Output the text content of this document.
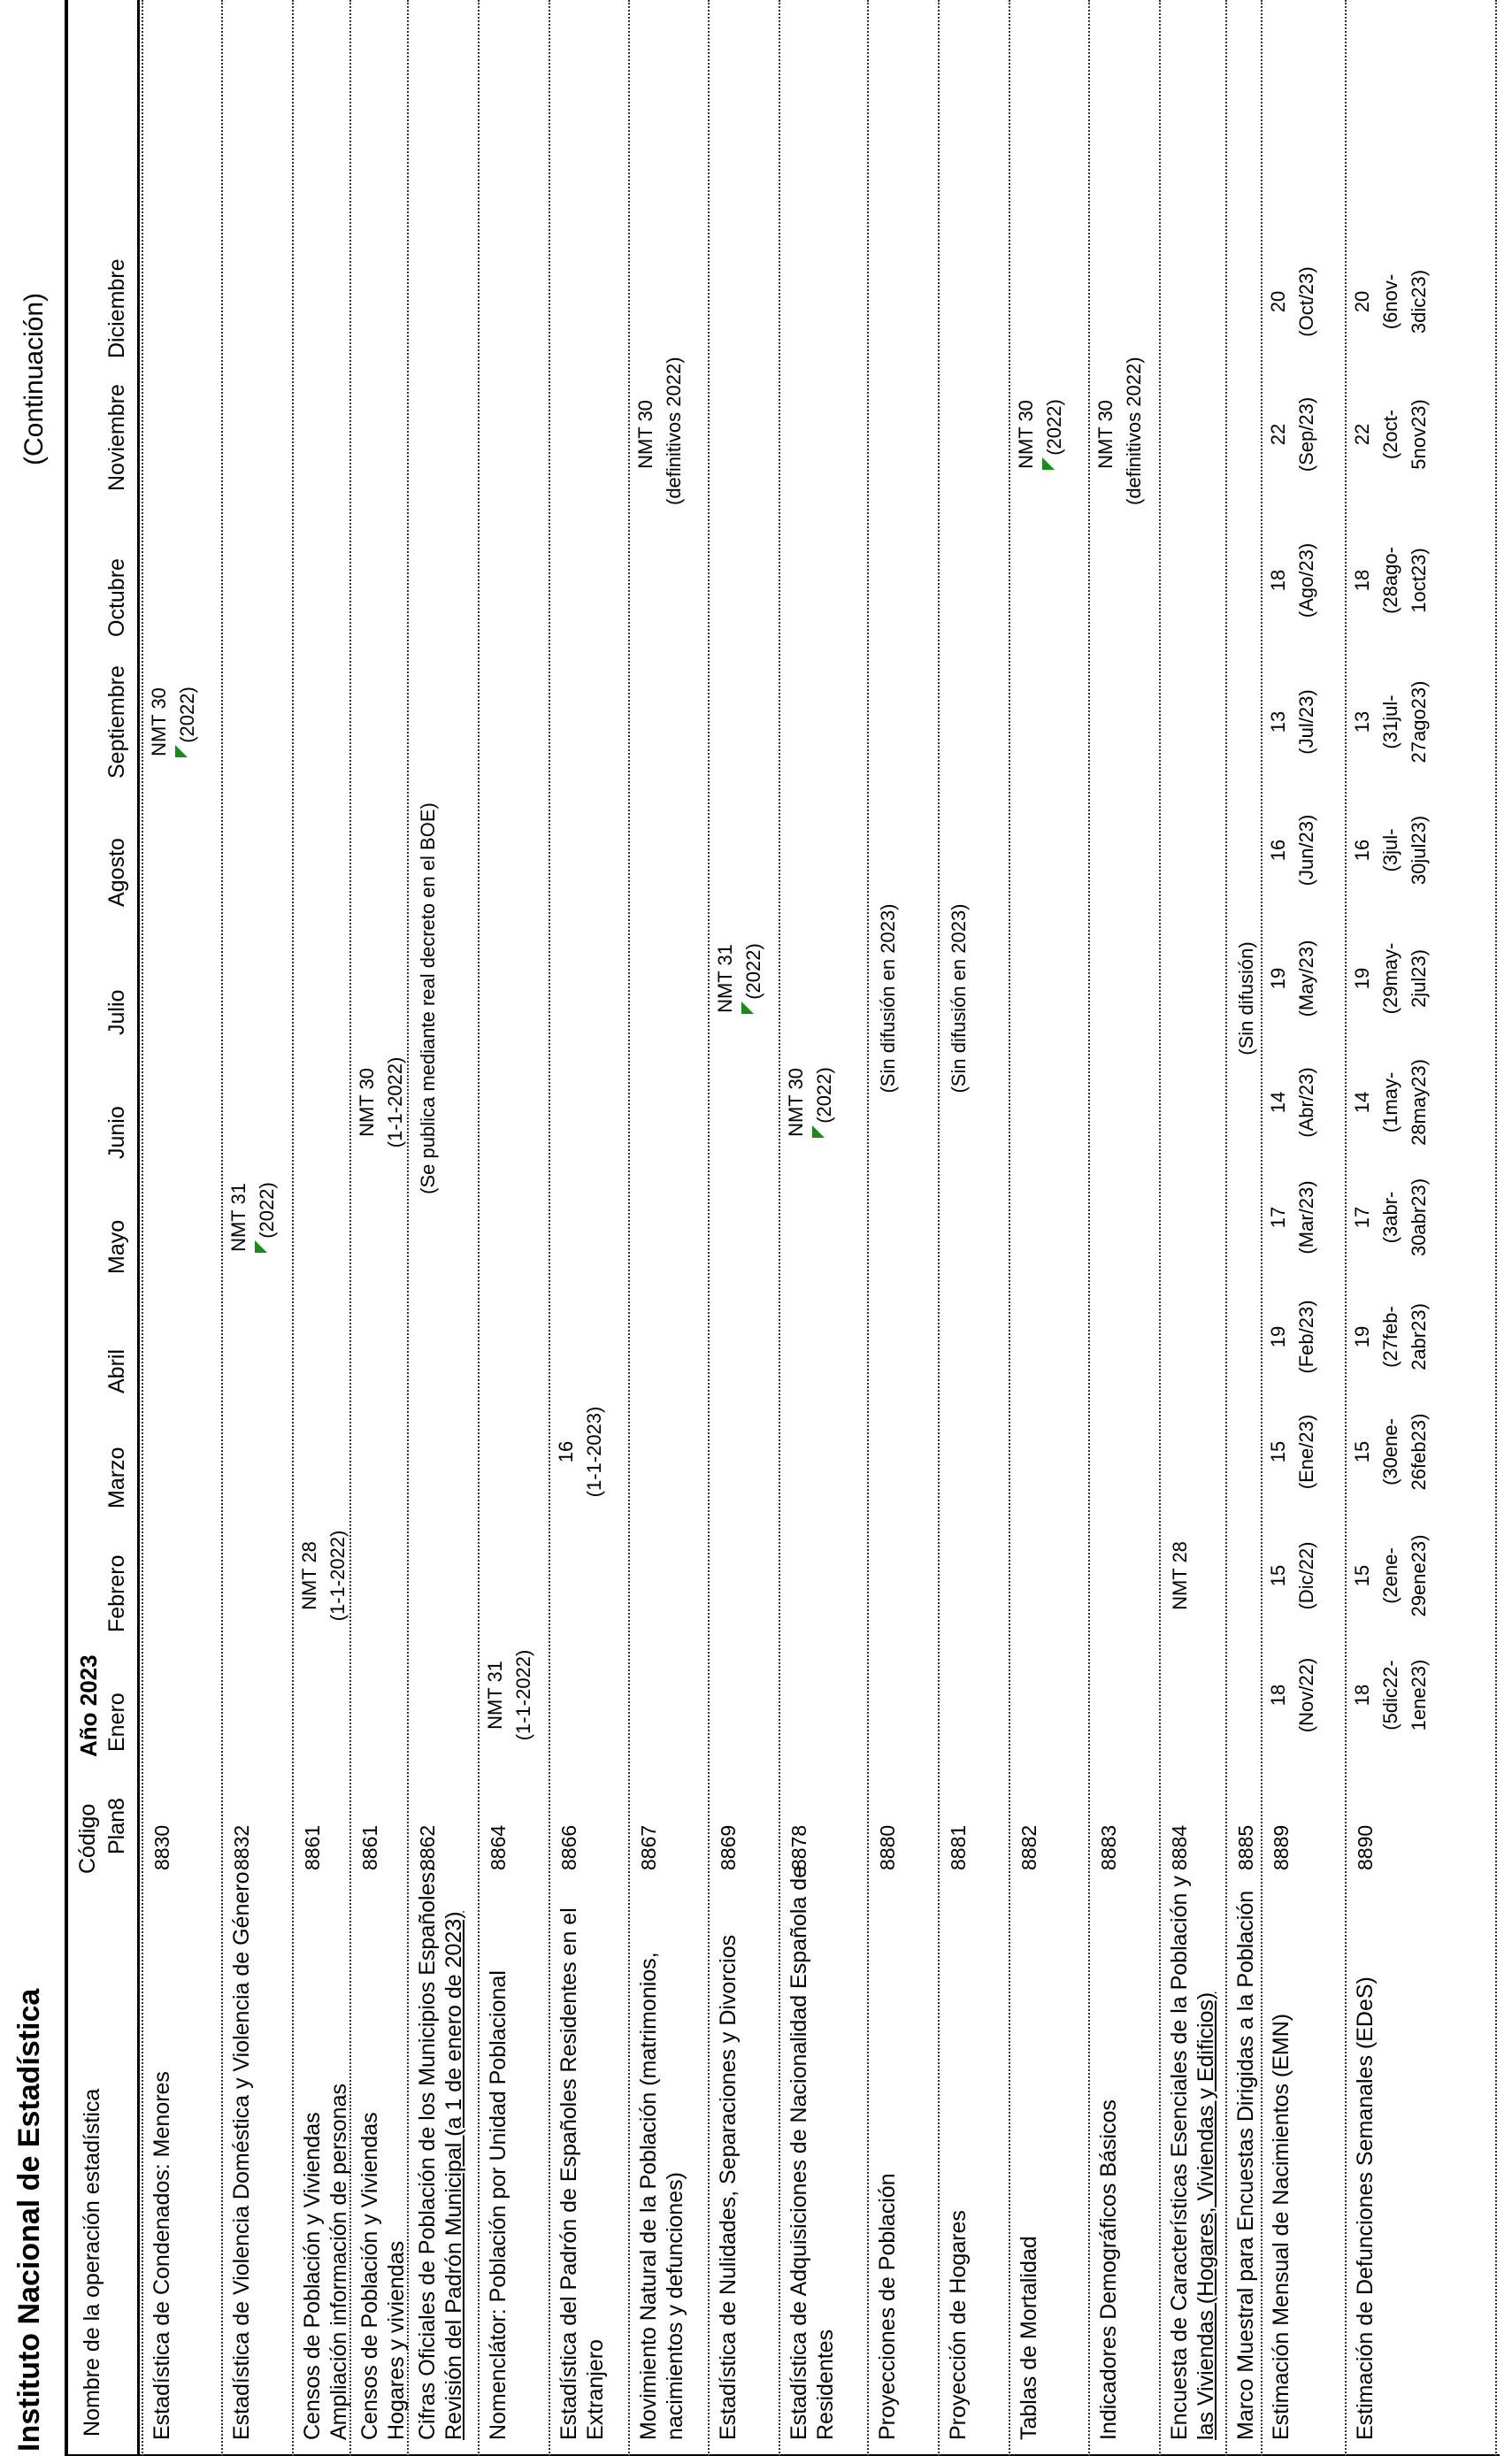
Instituto Nacional de Estadística
(Continuación)
Nombre de la operación estadística
Código Plan8
Año 2023 Enero
Febrero
Marzo
Abril
Mayo
Junio
Julio
Agosto
Septiembre
Octubre
Noviembre
Diciembre
Estadística de Condenados: Menores
8830
Estadística de Violencia Doméstica y Violencia de Género
8832
Censos de Población y Viviendas Ampliación información de personas
8861
Censos de Población y Viviendas Hogares y viviendas
8861
Cifras Oficiales de Población de los Municipios Españoles: Revisión del Padrón Municipal (a 1 de enero de 2023)
8862
Nomenclátor: Población por Unidad Poblacional
8864
Estadística del Padrón de Españoles Residentes en el Extranjero
8866
Movimiento Natural de la Población (matrimonios, nacimientos y defunciones)
8867
Estadística de Nulidades, Separaciones y Divorcios
8869
Estadística de Adquisiciones de Nacionalidad Española de Residentes
8878
Proyecciones de Población
8880
Proyección de Hogares
8881
Tablas de Mortalidad
8882
Indicadores Demográficos Básicos
8883
Encuesta de Características Esenciales de la Población y las Viviendas (Hogares, Viviendas y Edificios)
8884
Marco Muestral para Encuestas Dirigidas a la Población
8885
Estimación Mensual de Nacimientos (EMN)
8889
Estimación de Defunciones Semanales (EDeS)
8890
NMT 30 (2022)
NMT 31 (2022)
NMT 28 (1-1-2022)
NMT 30 (1-1-2022) (Se publica mediante real decreto en el BOE)
NMT 31 (1-1-2022)
16 (1-1-2023)
NMT 30 (definitivos 2022)
NMT 31 (2022)
NMT 30 (2022)
(Sin difusión en 2023)	(Sin difusión en 2023)
NMT 30 (2022) NMT 30 (definitivos 2022)
NMT 28
(Sin difusión)
18 (Nov/22)
15 (Dic/22)
15 (Ene/23)
19 (Feb/23)
17 (Mar/23)
14 (Abr/23)
19 (May/23)
16 (Jun/23)
13 (Jul/23)
18 (Ago/23)
22 (Sep/23)
20 (Oct/23)
18 (5dic22- 1ene23)
15 (2ene- 29ene23)
15 (30ene- 26feb23)
19 (27feb- 2abr23)
17 (3abr- 30abr23)
14 (1may- 28may23)
19 (29may- 2jul23)
16 (3jul- 30jul23)
13 (31jul- 27ago23)
18 (28ago- 1oct23)
22 (2oct- 5nov23)
20 (6nov- 3dic23)
